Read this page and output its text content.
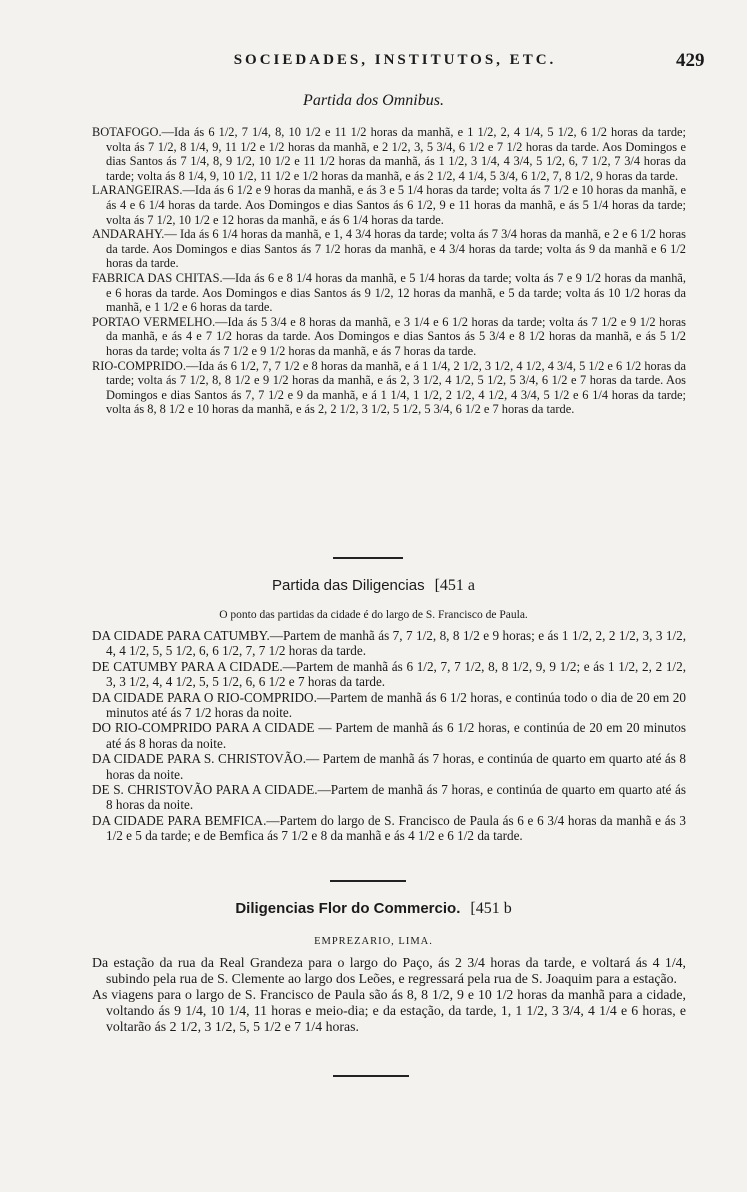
SOCIEDADES, INSTITUTOS, ETC.	429
Partida dos Omnibus.

BOTAFOGO.—Ida ás 6 1/2, 7 1/4, 8, 10 1/2 e 11 1/2 horas da manhã, e 1 1/2, 2, 4 1/4, 5 1/2, 6 1/2 horas da tarde; volta ás 7 1/2, 8 1/4, 9, 11 1/2 e 1/2 horas da manhã, e 2 1/2, 3, 5 3/4, 6 1/2 e 7 1/2 horas da tarde. Aos Domingos e dias Santos ás 7 1/4, 8, 9 1/2, 10 1/2 e 11 1/2 horas da manhã, ás 1 1/2, 3 1/4, 4 3/4, 5 1/2, 6, 7 1/2, 7 3/4 horas da tarde; volta ás 8 1/4, 9, 10 1/2, 11 1/2 e 1/2 horas da manhã, e ás 2 1/2, 4 1/4, 5 3/4, 6 1/2, 7, 8 1/2, 9 horas da tarde.

LARANGEIRAS.—Ida ás 6 1/2 e 9 horas da manhã, e ás 3 e 5 1/4 horas da tarde; volta ás 7 1/2 e 10 horas da manhã, e ás 4 e 6 1/4 horas da tarde. Aos Domingos e dias Santos ás 6 1/2, 9 e 11 horas da manhã, e ás 5 1/4 horas da tarde; volta ás 7 1/2, 10 1/2 e 12 horas da manhã, e ás 6 1/4 horas da tarde.

ANDARAHY.— Ida ás 6 1/4 horas da manhã, e 1, 4 3/4 horas da tarde; volta ás 7 3/4 horas da manhã, e 2 e 6 1/2 horas da tarde. Aos Domingos e dias Santos ás 7 1/2 horas da manhã, e 4 3/4 horas da tarde; volta ás 9 da manhã e 6 1/2 horas da tarde.

FABRICA DAS CHITAS.—Ida ás 6 e 8 1/4 horas da manhã, e 5 1/4 horas da tarde; volta ás 7 e 9 1/2 horas da manhã, e 6 horas da tarde. Aos Domingos e dias Santos ás 9 1/2, 12 horas da manhã, e 5 da tarde; volta ás 10 1/2 horas da manhã, e 1 1/2 e 6 horas da tarde.

PORTAO VERMELHO.—Ida ás 5 3/4 e 8 horas da manhã, e 3 1/4 e 6 1/2 horas da tarde; volta ás 7 1/2 e 9 1/2 horas da manhã, e ás 4 e 7 1/2 horas da tarde. Aos Domingos e dias Santos ás 5 3/4 e 8 1/2 horas da manhã, e ás 5 1/2 horas da tarde; volta ás 7 1/2 e 9 1/2 horas da manhã, e ás 7 horas da tarde.

RIO-COMPRIDO.—Ida ás 6 1/2, 7, 7 1/2 e 8 horas da manhã, e á 1 1/4, 2 1/2, 3 1/2, 4 1/2, 4 3/4, 5 1/2 e 6 1/2 horas da tarde; volta ás 7 1/2, 8, 8 1/2 e 9 1/2 horas da manhã, e ás 2, 3 1/2, 4 1/2, 5 1/2, 5 3/4, 6 1/2 e 7 horas da tarde. Aos Domingos e dias Santos ás 7, 7 1/2 e 9 da manhã, e á 1 1/4, 1 1/2, 2 1/2, 4 1/2, 4 3/4, 5 1/2 e 6 1/4 horas da tarde; volta ás 8, 8 1/2 e 10 horas da manhã, e ás 2, 2 1/2, 3 1/2, 5 1/2, 5 3/4, 6 1/2 e 7 horas da tarde.

Partida das Diligencias [451 a
O ponto das partidas da cidade é do largo de S. Francisco de Paula.

DA CIDADE PARA CATUMBY.—Partem de manhã ás 7, 7 1/2, 8, 8 1/2 e 9 horas; e ás 1 1/2, 2, 2 1/2, 3, 3 1/2, 4, 4 1/2, 5, 5 1/2, 6, 6 1/2, 7, 7 1/2 horas da tarde.

DE CATUMBY PARA A CIDADE.—Partem de manhã ás 6 1/2, 7, 7 1/2, 8, 8 1/2, 9, 9 1/2; e ás 1 1/2, 2, 2 1/2, 3, 3 1/2, 4, 4 1/2, 5, 5 1/2, 6, 6 1/2 e 7 horas da tarde.

DA CIDADE PARA O RIO-COMPRIDO.—Partem de manhã ás 6 1/2 horas, e continúa todo o dia de 20 em 20 minutos até ás 7 1/2 horas da noite.

DO RIO-COMPRIDO PARA A CIDADE — Partem de manhã ás 6 1/2 horas, e continúa de 20 em 20 minutos até ás 8 horas da noite.

DA CIDADE PARA S. CHRISTOVÃO.— Partem de manhã ás 7 horas, e continúa de quarto em quarto até ás 8 horas da noite.

DE S. CHRISTOVÃO PARA A CIDADE.—Partem de manhã ás 7 horas, e continúa de quarto em quarto até ás 8 horas da noite.

DA CIDADE PARA BEMFICA.—Partem do largo de S. Francisco de Paula ás 6 e 6 3/4 horas da manhã e ás 3 1/2 e 5 da tarde; e de Bemfica ás 7 1/2 e 8 da manhã e ás 4 1/2 e 6 1/2 da tarde.

Diligencias Flor do Commercio. [451 b
EMPREZARIO, LIMA.

Da estação da rua da Real Grandeza para o largo do Paço, ás 2 3/4 horas da tarde, e voltará ás 4 1/4, subindo pela rua de S. Clemente ao largo dos Leões, e regressará pela rua de S. Joaquim para a estação.

As viagens para o largo de S. Francisco de Paula são ás 8, 8 1/2, 9 e 10 1/2 horas da manhã para a cidade, voltando ás 9 1/4, 10 1/4, 11 horas e meio-dia; e da estação, da tarde, 1, 1 1/2, 3 3/4, 4 1/4 e 6 horas, e voltarão ás 2 1/2, 3 1/2, 5, 5 1/2 e 7 1/4 horas.
